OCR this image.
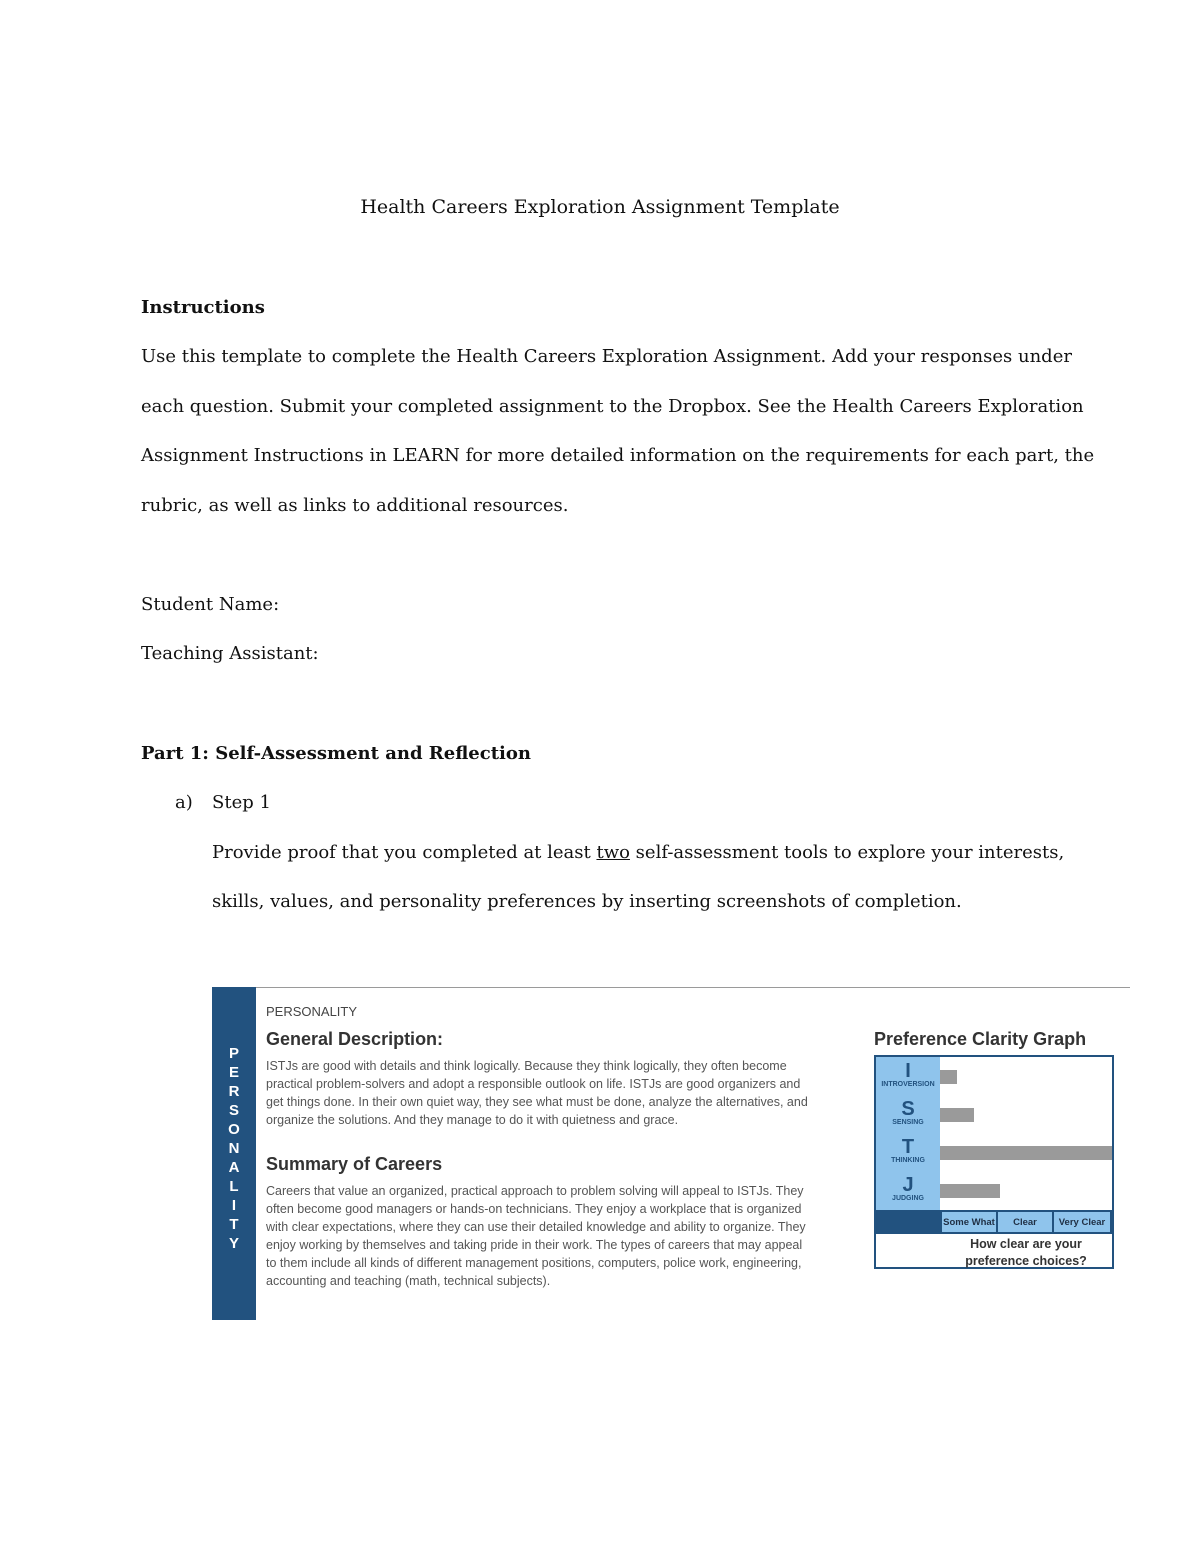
Health Careers Exploration Assignment Template
Instructions
Use this template to complete the Health Careers Exploration Assignment. Add your responses under
each question. Submit your completed assignment to the Dropbox. See the Health Careers Exploration
Assignment Instructions in LEARN for more detailed information on the requirements for each part, the
rubric, as well as links to additional resources.
Student Name:
Teaching Assistant:
Part 1: Self-Assessment and Reflection
a) Step 1
Provide proof that you completed at least two self-assessment tools to explore your interests,
skills, values, and personality preferences by inserting screenshots of completion.
P
E
R
S
O
N
A
L
I
T
Y
PERSONALITY
General Description:
ISTJs are good with details and think logically. Because they think logically, they often become
practical problem-solvers and adopt a responsible outlook on life. ISTJs are good organizers and
get things done. In their own quiet way, they see what must be done, analyze the alternatives, and
organize the solutions. And they manage to do it with quietness and grace.
Summary of Careers
Careers that value an organized, practical approach to problem solving will appeal to ISTJs. They
often become good managers or hands-on technicians. They enjoy a workplace that is organized
with clear expectations, where they can use their detailed knowledge and ability to organize. They
enjoy working by themselves and taking pride in their work. The types of careers that may appeal
to them include all kinds of different management positions, computers, police work, engineering,
accounting and teaching (math, technical subjects).
Preference Clarity Graph
I
INTROVERSION
S
SENSING
T
THINKING
J
JUDGING
Some What	Clear	Very Clear
How clear are your
preference choices?
